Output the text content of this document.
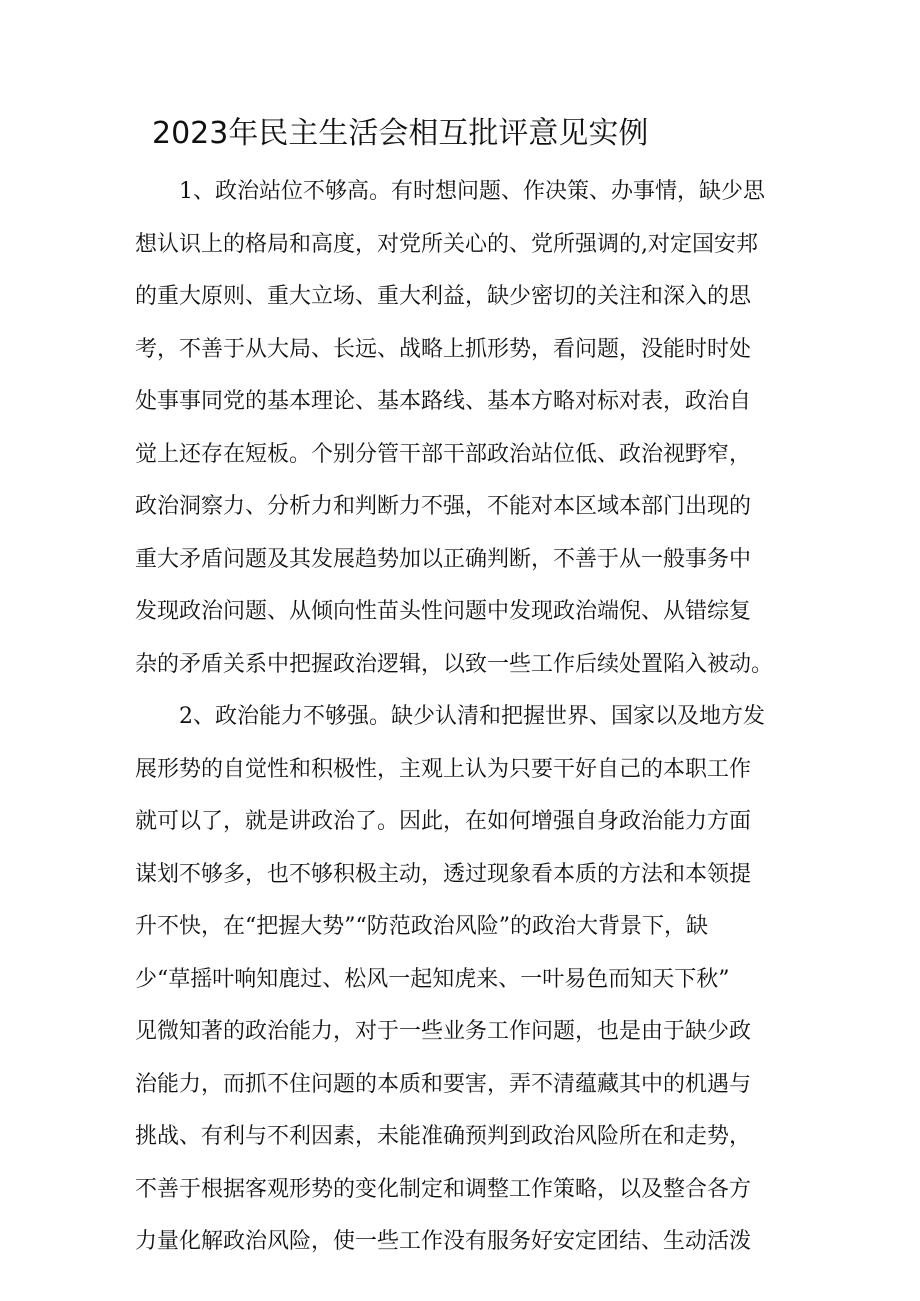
2023年民主生活会相互批评意见实例
1、政治站位不够高。有时想问题、作决策、办事情，缺少思
想认识上的格局和高度，对党所关心的、党所强调的,对定国安邦
的重大原则、重大立场、重大利益，缺少密切的关注和深入的思
考，不善于从大局、长远、战略上抓形势，看问题，没能时时处
处事事同党的基本理论、基本路线、基本方略对标对表，政治自
觉上还存在短板。个别分管干部干部政治站位低、政治视野窄，
政治洞察力、分析力和判断力不强，不能对本区域本部门出现的
重大矛盾问题及其发展趋势加以正确判断，不善于从一般事务中
发现政治问题、从倾向性苗头性问题中发现政治端倪、从错综复
杂的矛盾关系中把握政治逻辑，以致一些工作后续处置陷入被动。
2、政治能力不够强。缺少认清和把握世界、国家以及地方发
展形势的自觉性和积极性，主观上认为只要干好自己的本职工作
就可以了，就是讲政治了。因此，在如何增强自身政治能力方面
谋划不够多，也不够积极主动，透过现象看本质的方法和本领提
升不快，在“把握大势”“防范政治风险”的政治大背景下，缺
少“草摇叶响知鹿过、松风一起知虎来、一叶易色而知天下秋”
见微知著的政治能力，对于一些业务工作问题，也是由于缺少政
治能力，而抓不住问题的本质和要害，弄不清蕴藏其中的机遇与
挑战、有利与不利因素，未能准确预判到政治风险所在和走势，
不善于根据客观形势的变化制定和调整工作策略，以及整合各方
力量化解政治风险，使一些工作没有服务好安定团结、生动活泼
